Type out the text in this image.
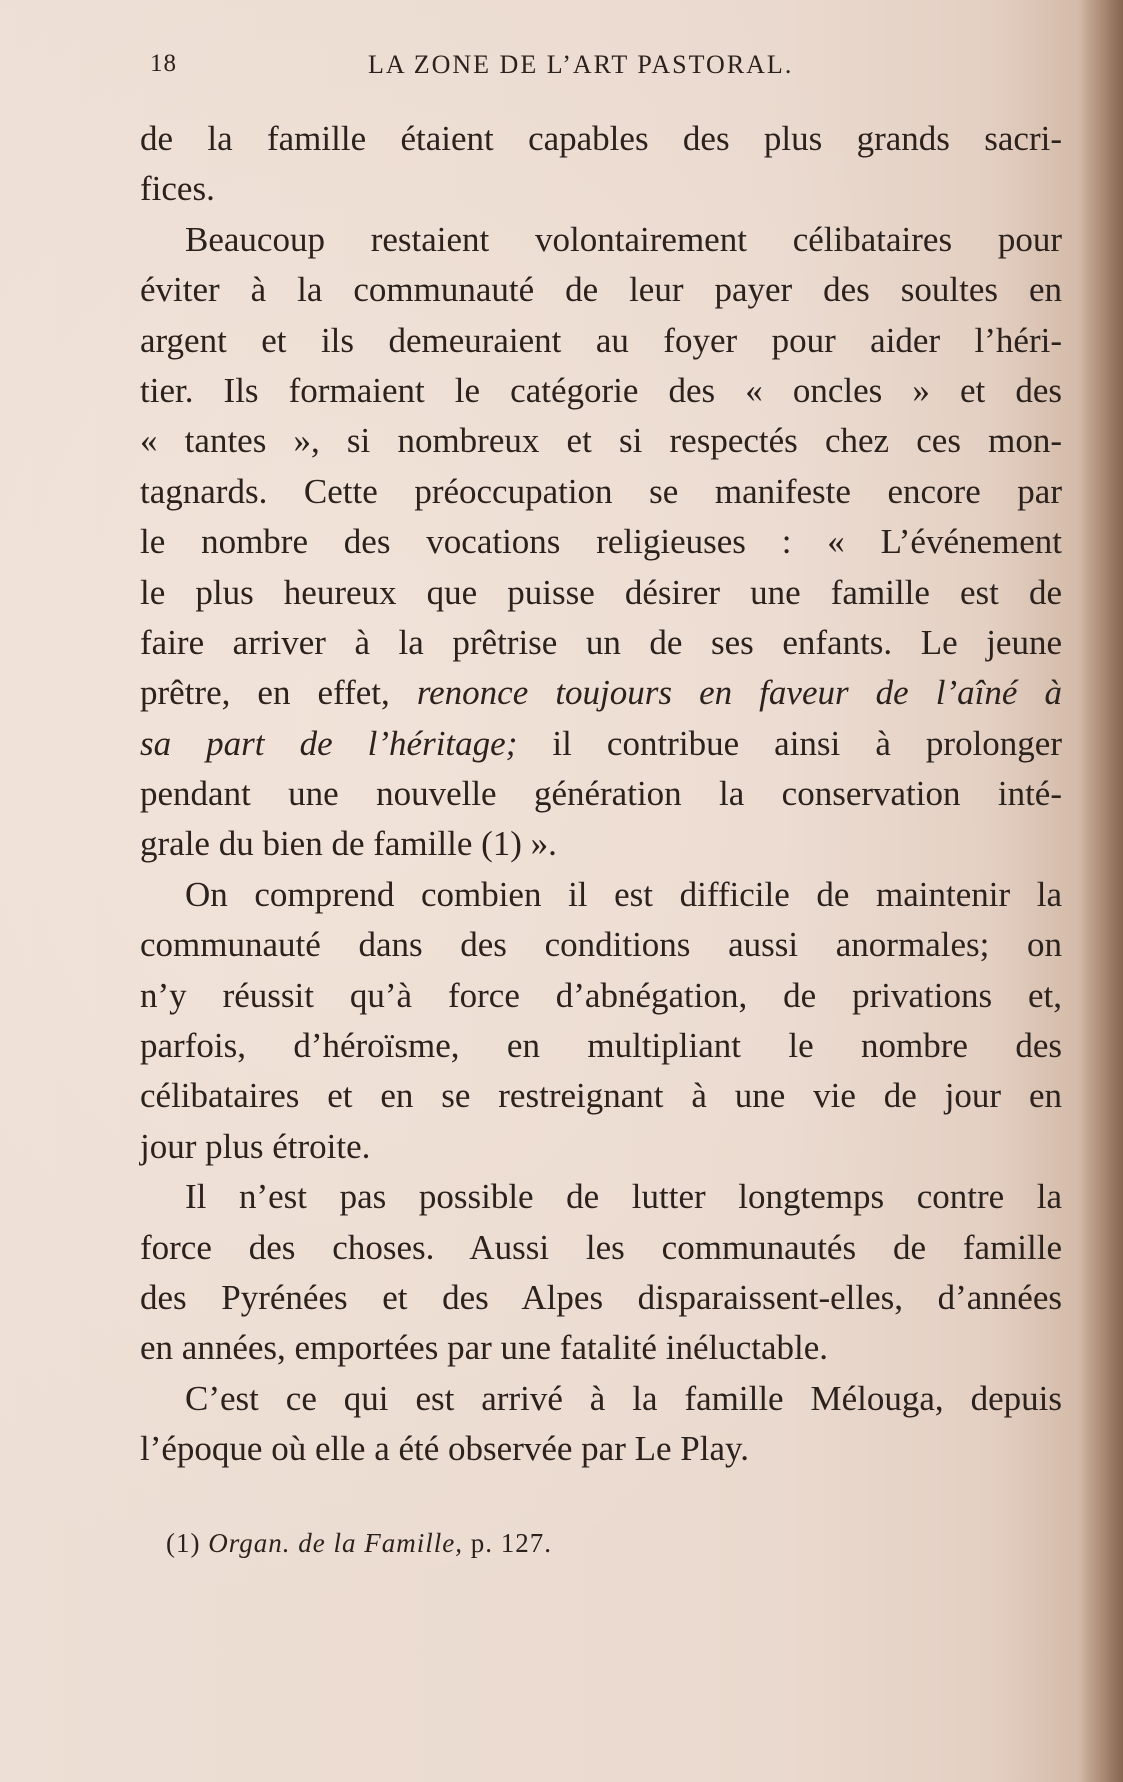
18	LA ZONE DE L’ART PASTORAL.
de la famille étaient capables des plus grands sacri-
fices.
Beaucoup restaient volontairement célibataires pour
éviter à la communauté de leur payer des soultes en
argent et ils demeuraient au foyer pour aider l’héri-
tier. Ils formaient le catégorie des « oncles » et des
« tantes », si nombreux et si respectés chez ces mon-
tagnards. Cette préoccupation se manifeste encore par
le nombre des vocations religieuses : « L’événement
le plus heureux que puisse désirer une famille est de
faire arriver à la prêtrise un de ses enfants. Le jeune
prêtre, en effet, renonce toujours en faveur de l’aîné à
sa part de l’héritage; il contribue ainsi à prolonger
pendant une nouvelle génération la conservation inté-
grale du bien de famille (1) ».
On comprend combien il est difficile de maintenir la
communauté dans des conditions aussi anormales; on
n’y réussit qu’à force d’abnégation, de privations et,
parfois, d’héroïsme, en multipliant le nombre des
célibataires et en se restreignant à une vie de jour en
jour plus étroite.
Il n’est pas possible de lutter longtemps contre la
force des choses. Aussi les communautés de famille
des Pyrénées et des Alpes disparaissent-elles, d’années
en années, emportées par une fatalité inéluctable.
C’est ce qui est arrivé à la famille Mélouga, depuis
l’époque où elle a été observée par Le Play.
(1) Organ. de la Famille, p. 127.
